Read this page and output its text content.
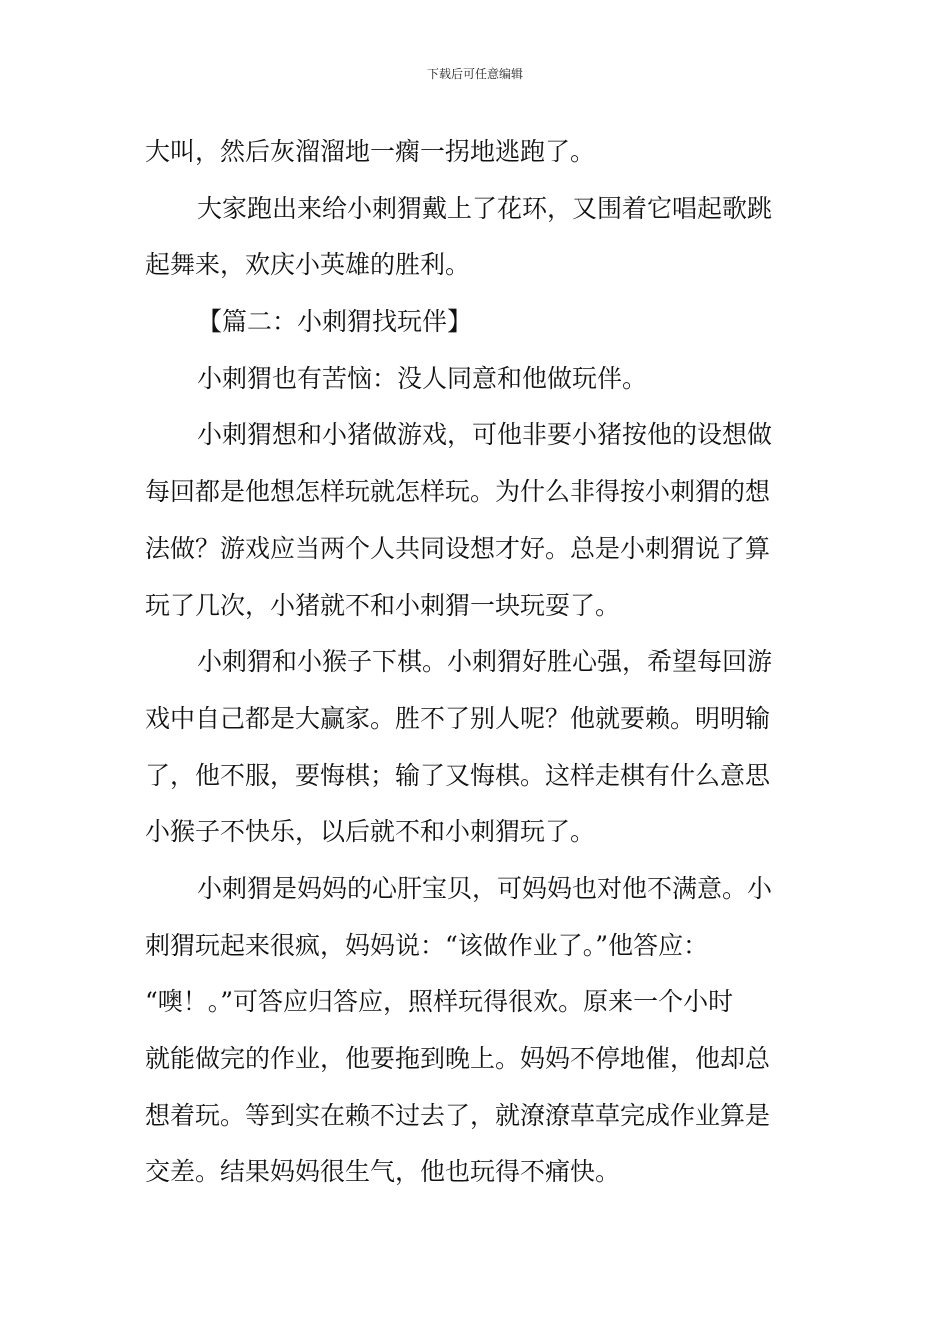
下载后可任意编辑
大叫，然后灰溜溜地一瘸一拐地逃跑了。
大家跑出来给小刺猬戴上了花环，又围着它唱起歌跳
起舞来，欢庆小英雄的胜利。
【篇二：小刺猬找玩伴】
小刺猬也有苦恼：没人同意和他做玩伴。
小刺猬想和小猪做游戏，可他非要小猪按他的设想做
每回都是他想怎样玩就怎样玩。为什么非得按小刺猬的想
法做？游戏应当两个人共同设想才好。总是小刺猬说了算
玩了几次，小猪就不和小刺猬一块玩耍了。
小刺猬和小猴子下棋。小刺猬好胜心强，希望每回游
戏中自己都是大赢家。胜不了别人呢？他就要赖。明明输
了，他不服，要悔棋；输了又悔棋。这样走棋有什么意思
小猴子不快乐，以后就不和小刺猬玩了。
小刺猬是妈妈的心肝宝贝，可妈妈也对他不满意。小
刺猬玩起来很疯，妈妈说：“该做作业了。”他答应：
“噢！。”可答应归答应，照样玩得很欢。原来一个小时
就能做完的作业，他要拖到晚上。妈妈不停地催，他却总
想着玩。等到实在赖不过去了，就潦潦草草完成作业算是
交差。结果妈妈很生气，他也玩得不痛快。
